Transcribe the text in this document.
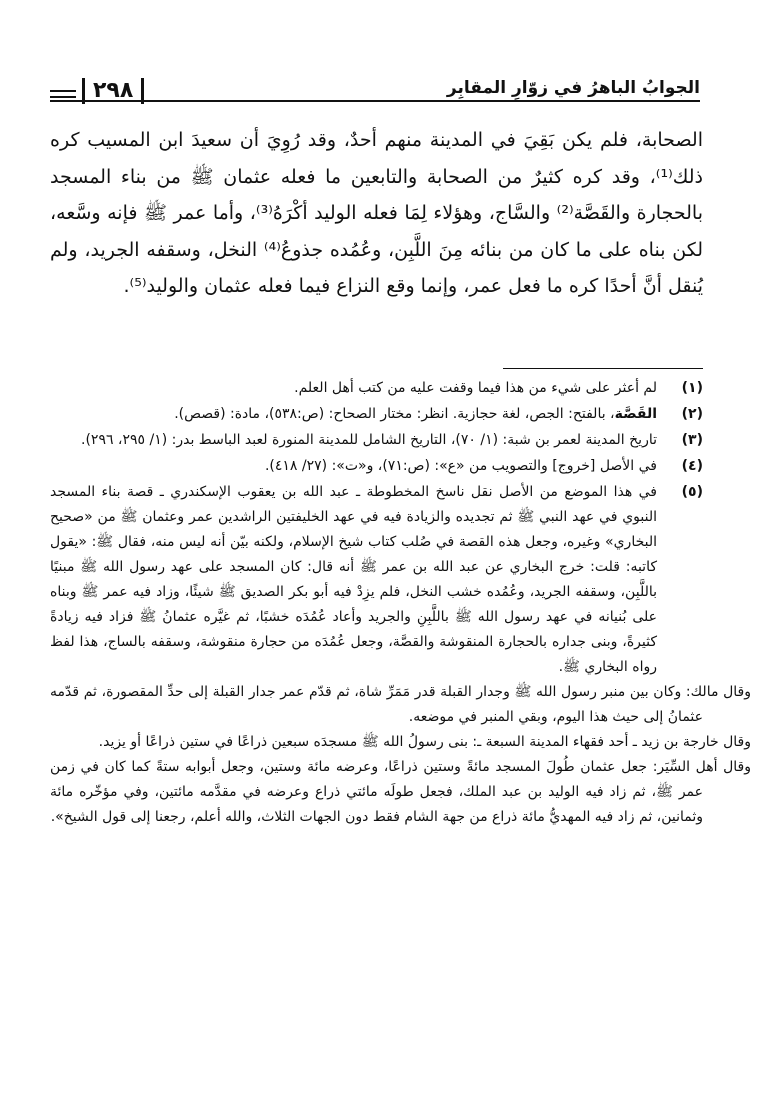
الجوابُ الباهرُ في زوّارِ المقابِر
٢٩٨

الصحابة، فلم يكن بَقِيَ في المدينة منهم أحدٌ، وقد رُوِيَ أن سعيدَ ابن المسيب كره ذلك⁽¹⁾، وقد كره كثيرٌ من الصحابة والتابعين ما فعله عثمان ﷺ من بناء المسجد بالحجارة والقَصَّة⁽²⁾ والسَّاج، وهؤلاء لِمَا فعله الوليد أكْرَهُ⁽³⁾، وأما عمر ﷺ فإنه وسَّعه، لكن بناه على ما كان من بنائه مِنَ اللَّبِن، وعُمُده جذوعُ⁽⁴⁾ النخل، وسقفه الجريد، ولم يُنقل أنَّ أحدًا كره ما فعل عمر، وإنما وقع النزاع فيما فعله عثمان والوليد⁽⁵⁾.

(١)
لم أعثر على شيء من هذا فيما وقفت عليه من كتب أهل العلم.
(٢)
القَصَّة، بالفتح: الجص، لغة حجازية. انظر: مختار الصحاح: (ص:٥٣٨)، مادة: (قصص).
(٣)
تاريخ المدينة لعمر بن شبة: (١/ ٧٠)، التاريخ الشامل للمدينة المنورة لعبد الباسط بدر: (١/ ٢٩٥، ٢٩٦).
(٤)
في الأصل [خروج] والتصويب من «ع»: (ص:٧١)، و«ت»: (٢٧/ ٤١٨).
(٥)

في هذا الموضع من الأصل نقل ناسخ المخطوطة ـ عبد الله بن يعقوب الإسكندري ـ قصة بناء المسجد النبوي في عهد النبي ﷺ ثم تجديده والزيادة فيه في عهد الخليفتين الراشدين عمر وعثمان ﷺ من «صحيح البخاري» وغيره، وجعل هذه القصة في صُلب كتاب شيخ الإسلام، ولكنه بيّن أنه ليس منه، فقال ﷺ: «يقول كاتبه: قلت: خرج البخاري عن عبد الله بن عمر ﷺ أنه قال: كان المسجد على عهد رسول الله ﷺ مبنيًا باللَّبِن، وسقفه الجريد، وعُمُده خشب النخل، فلم يزِدْ فيه أبو بكر الصديق ﷺ شيئًا، وزاد فيه عمر ﷺ وبناه على بُنيانه في عهد رسول الله ﷺ باللَّبِنِ والجريد وأعاد عُمُدَه خشبًا، ثم غيَّره عثمانُ ﷺ فزاد فيه زيادةً كثيرةً، وبنى جداره بالحجارة المنقوشة والقصَّة، وجعل عُمُدَه من حجارة منقوشة، وسقفه بالساج، هذا لفظ رواه البخاري ﷺ.

وقال مالك: وكان بين منبر رسول الله ﷺ وجدار القبلة قدر مَمَرِّ شاة، ثم قدّم عمر جدار القبلة إلى حدِّ المقصورة، ثم قدّمه عثمانُ إلى حيث هذا اليوم، وبقي المنبر في موضعه.

وقال خارجة بن زيد ـ أحد فقهاء المدينة السبعة ـ: بنى رسولُ الله ﷺ مسجدَه سبعين ذراعًا في ستين ذراعًا أو يزيد.

وقال أهل السِّيَر: جعل عثمان طُولَ المسجد مائةً وستين ذراعًا، وعرضه مائة وستين، وجعل أبوابه ستةً كما كان في زمن عمر ﷺ، ثم زاد فيه الوليد بن عبد الملك، فجعل طولَه مائتي ذراع وعرضه في مقدَّمه مائتين، وفي مؤخّره مائة وثمانين، ثم زاد فيه المهديُّ مائة ذراع من جهة الشام فقط دون الجهات الثلاث، والله أعلم، رجعنا إلى قول الشيخ».
